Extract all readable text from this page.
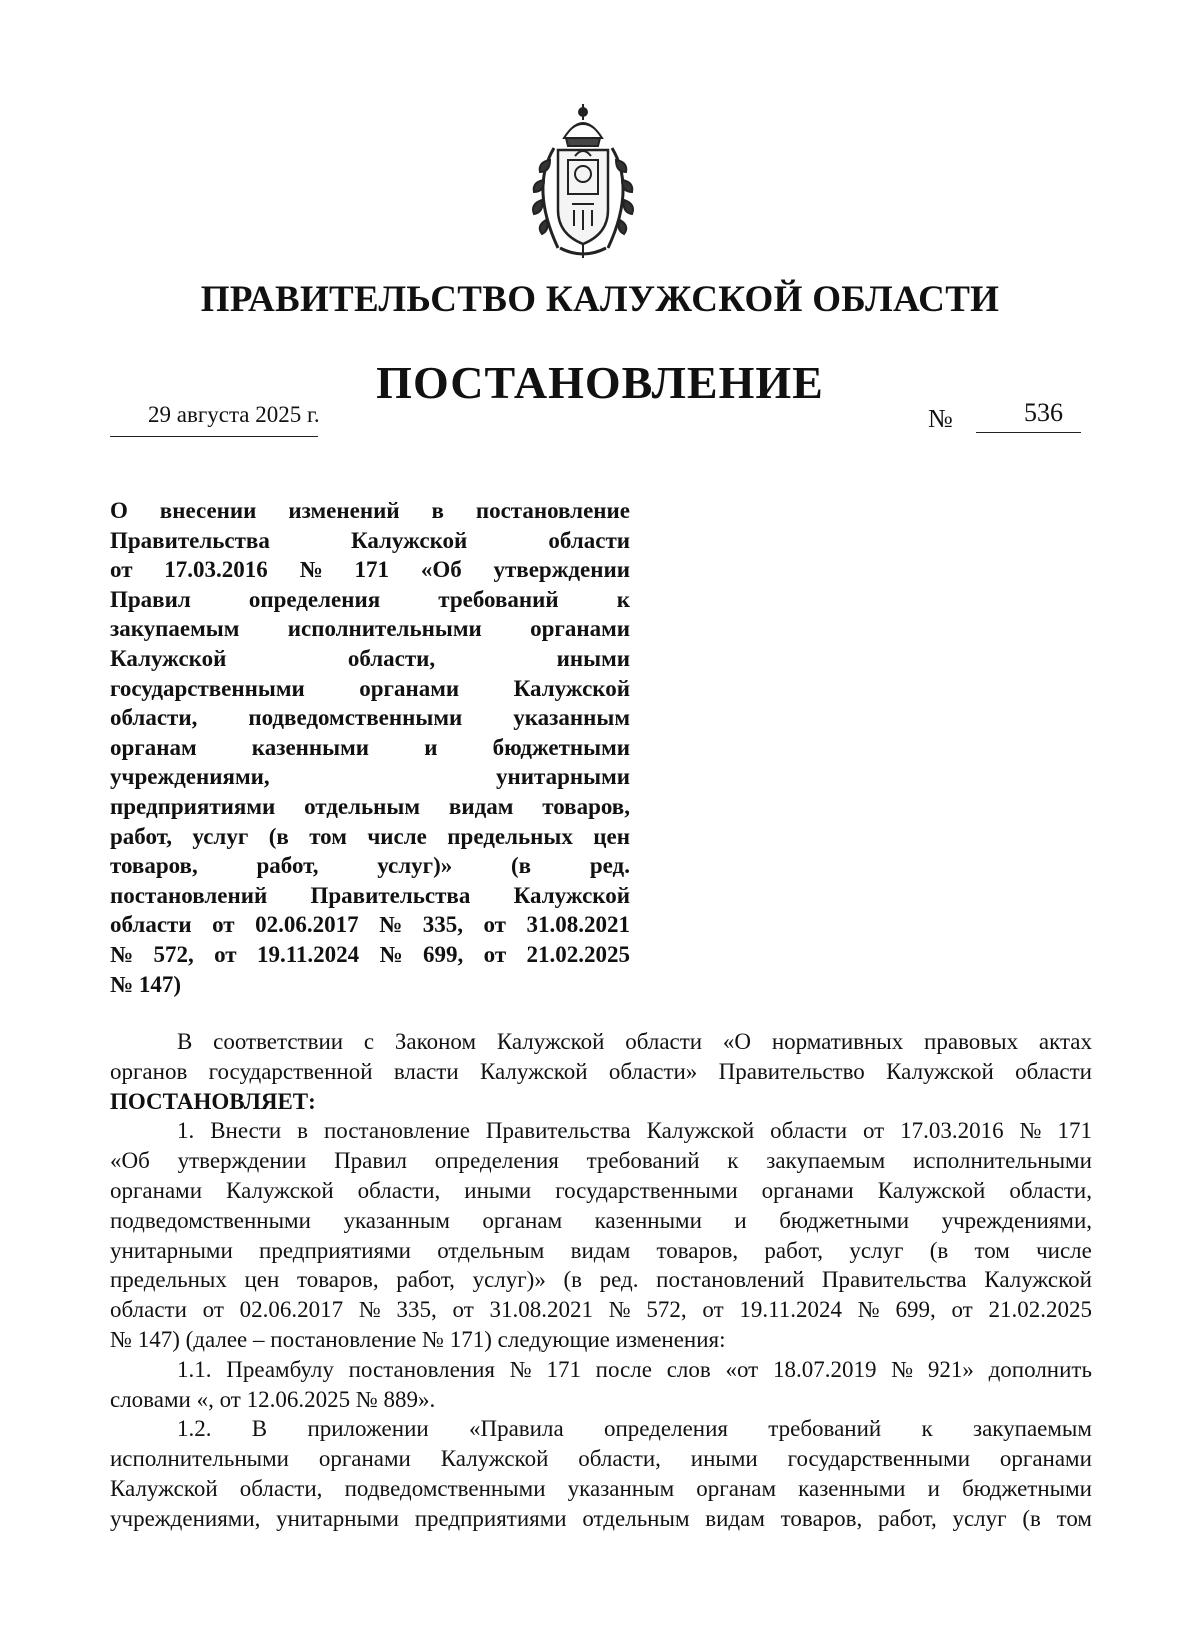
ПРАВИТЕЛЬСТВО КАЛУЖСКОЙ ОБЛАСТИ
ПОСТАНОВЛЕНИЕ
29 августа 2025 г.	№	536
О внесении изменений в постановление
Правительства	Калужской	области
от 17.03.2016 № 171 «Об утверждении
Правил	определения	требований	к
закупаемым исполнительными органами
Калужской	области,	иными
государственными органами Калужской
области, подведомственными указанным
органам казенными и бюджетными
учреждениями,	унитарными
предприятиями отдельным видам товаров,
работ, услуг (в том числе предельных цен
товаров,	работ,	услуг)»	(в	ред.
постановлений Правительства Калужской
области от 02.06.2017 № 335, от 31.08.2021
№ 572, от 19.11.2024 № 699, от 21.02.2025
№ 147)
В соответствии с Законом Калужской области «О нормативных правовых актах
органов государственной власти Калужской области» Правительство Калужской области
ПОСТАНОВЛЯЕТ:
1. Внести в постановление Правительства Калужской области от 17.03.2016 № 171
«Об утверждении Правил определения требований к закупаемым исполнительными
органами Калужской области, иными государственными органами Калужской области,
подведомственными указанным органам казенными и бюджетными учреждениями,
унитарными предприятиями отдельным видам товаров, работ, услуг (в том числе
предельных цен товаров, работ, услуг)» (в ред. постановлений Правительства Калужской
области от 02.06.2017 № 335, от 31.08.2021 № 572, от 19.11.2024 № 699, от 21.02.2025
№ 147) (далее – постановление № 171) следующие изменения:
1.1. Преамбулу постановления № 171 после слов «от 18.07.2019 № 921» дополнить
словами «, от 12.06.2025 № 889».
1.2. В приложении «Правила определения требований к закупаемым
исполнительными органами Калужской области, иными государственными органами
Калужской области, подведомственными указанным органам казенными и бюджетными
учреждениями, унитарными предприятиями отдельным видам товаров, работ, услуг (в том
